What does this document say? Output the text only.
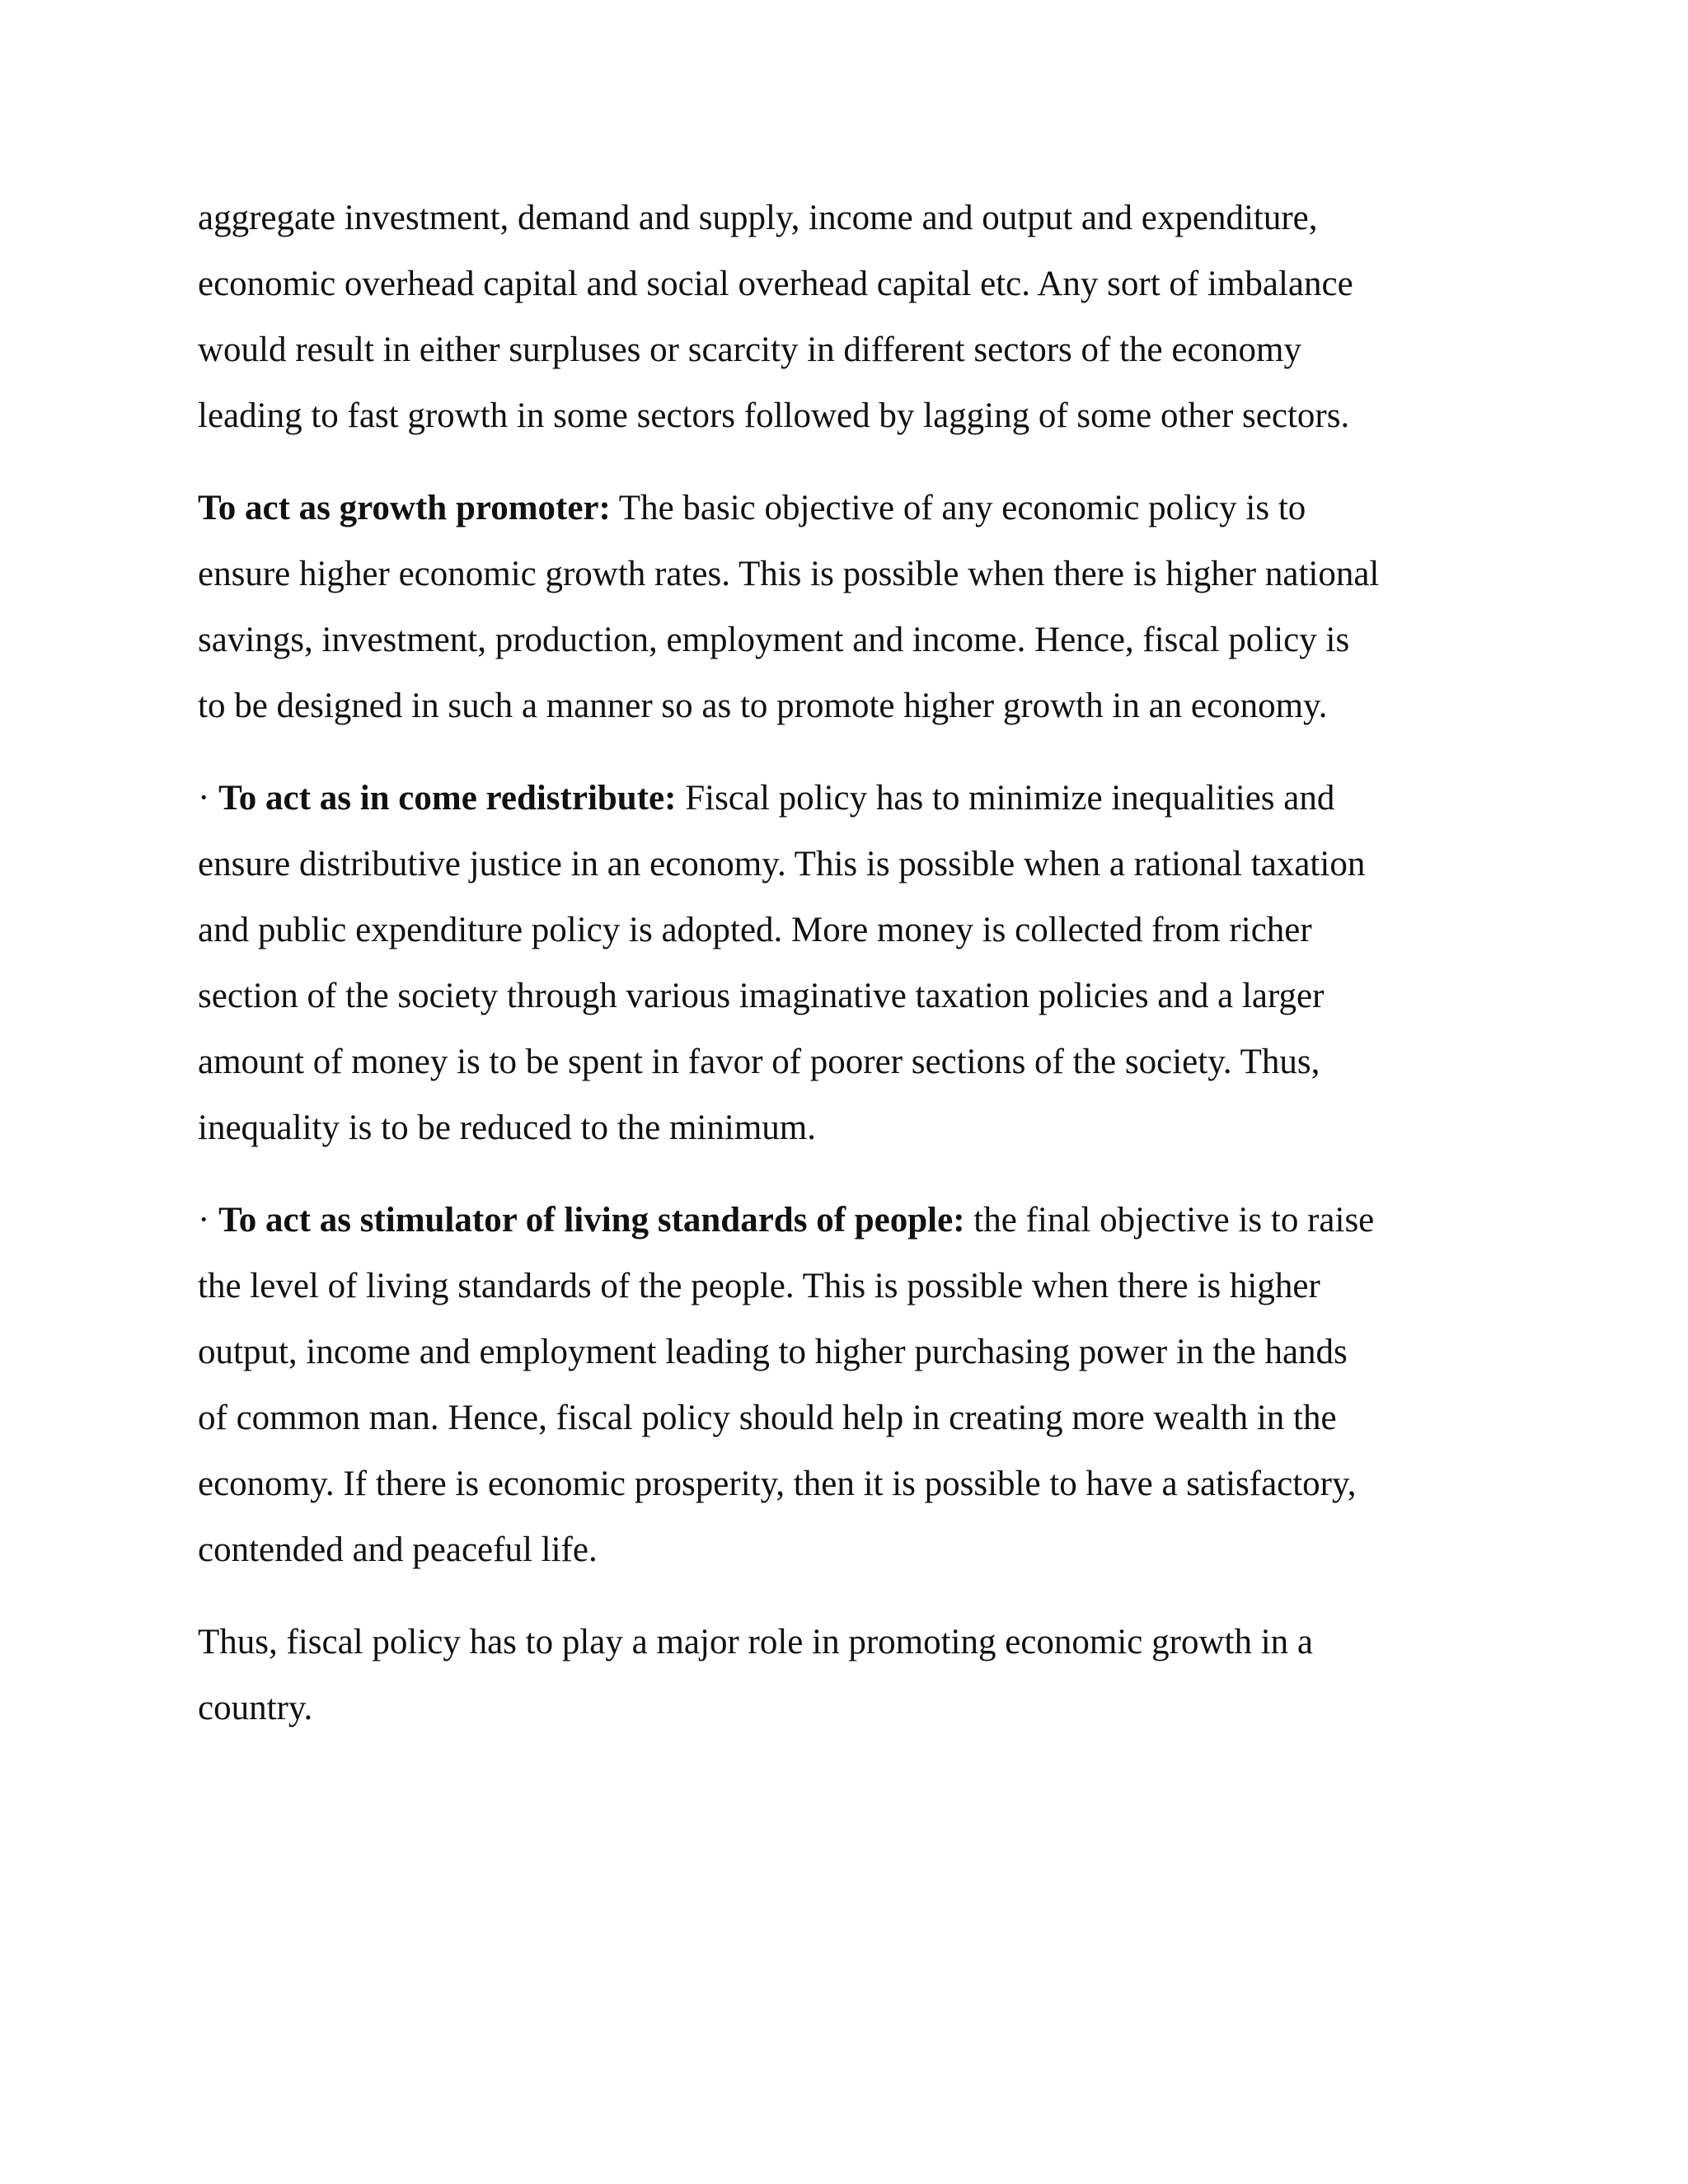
aggregate investment, demand and supply, income and output and expenditure,
economic overhead capital and social overhead capital etc. Any sort of imbalance
would result in either surpluses or scarcity in different sectors of the economy
leading to fast growth in some sectors followed by lagging of some other sectors.

To act as growth promoter: The basic objective of any economic policy is to
ensure higher economic growth rates. This is possible when there is higher national
savings, investment, production, employment and income. Hence, fiscal policy is
to be designed in such a manner so as to promote higher growth in an economy.

· To act as in come redistribute: Fiscal policy has to minimize inequalities and
ensure distributive justice in an economy. This is possible when a rational taxation
and public expenditure policy is adopted. More money is collected from richer
section of the society through various imaginative taxation policies and a larger
amount of money is to be spent in favor of poorer sections of the society. Thus,
inequality is to be reduced to the minimum.

· To act as stimulator of living standards of people: the final objective is to raise
the level of living standards of the people. This is possible when there is higher
output, income and employment leading to higher purchasing power in the hands
of common man. Hence, fiscal policy should help in creating more wealth in the
economy. If there is economic prosperity, then it is possible to have a satisfactory,
contended and peaceful life.

Thus, fiscal policy has to play a major role in promoting economic growth in a
country.
